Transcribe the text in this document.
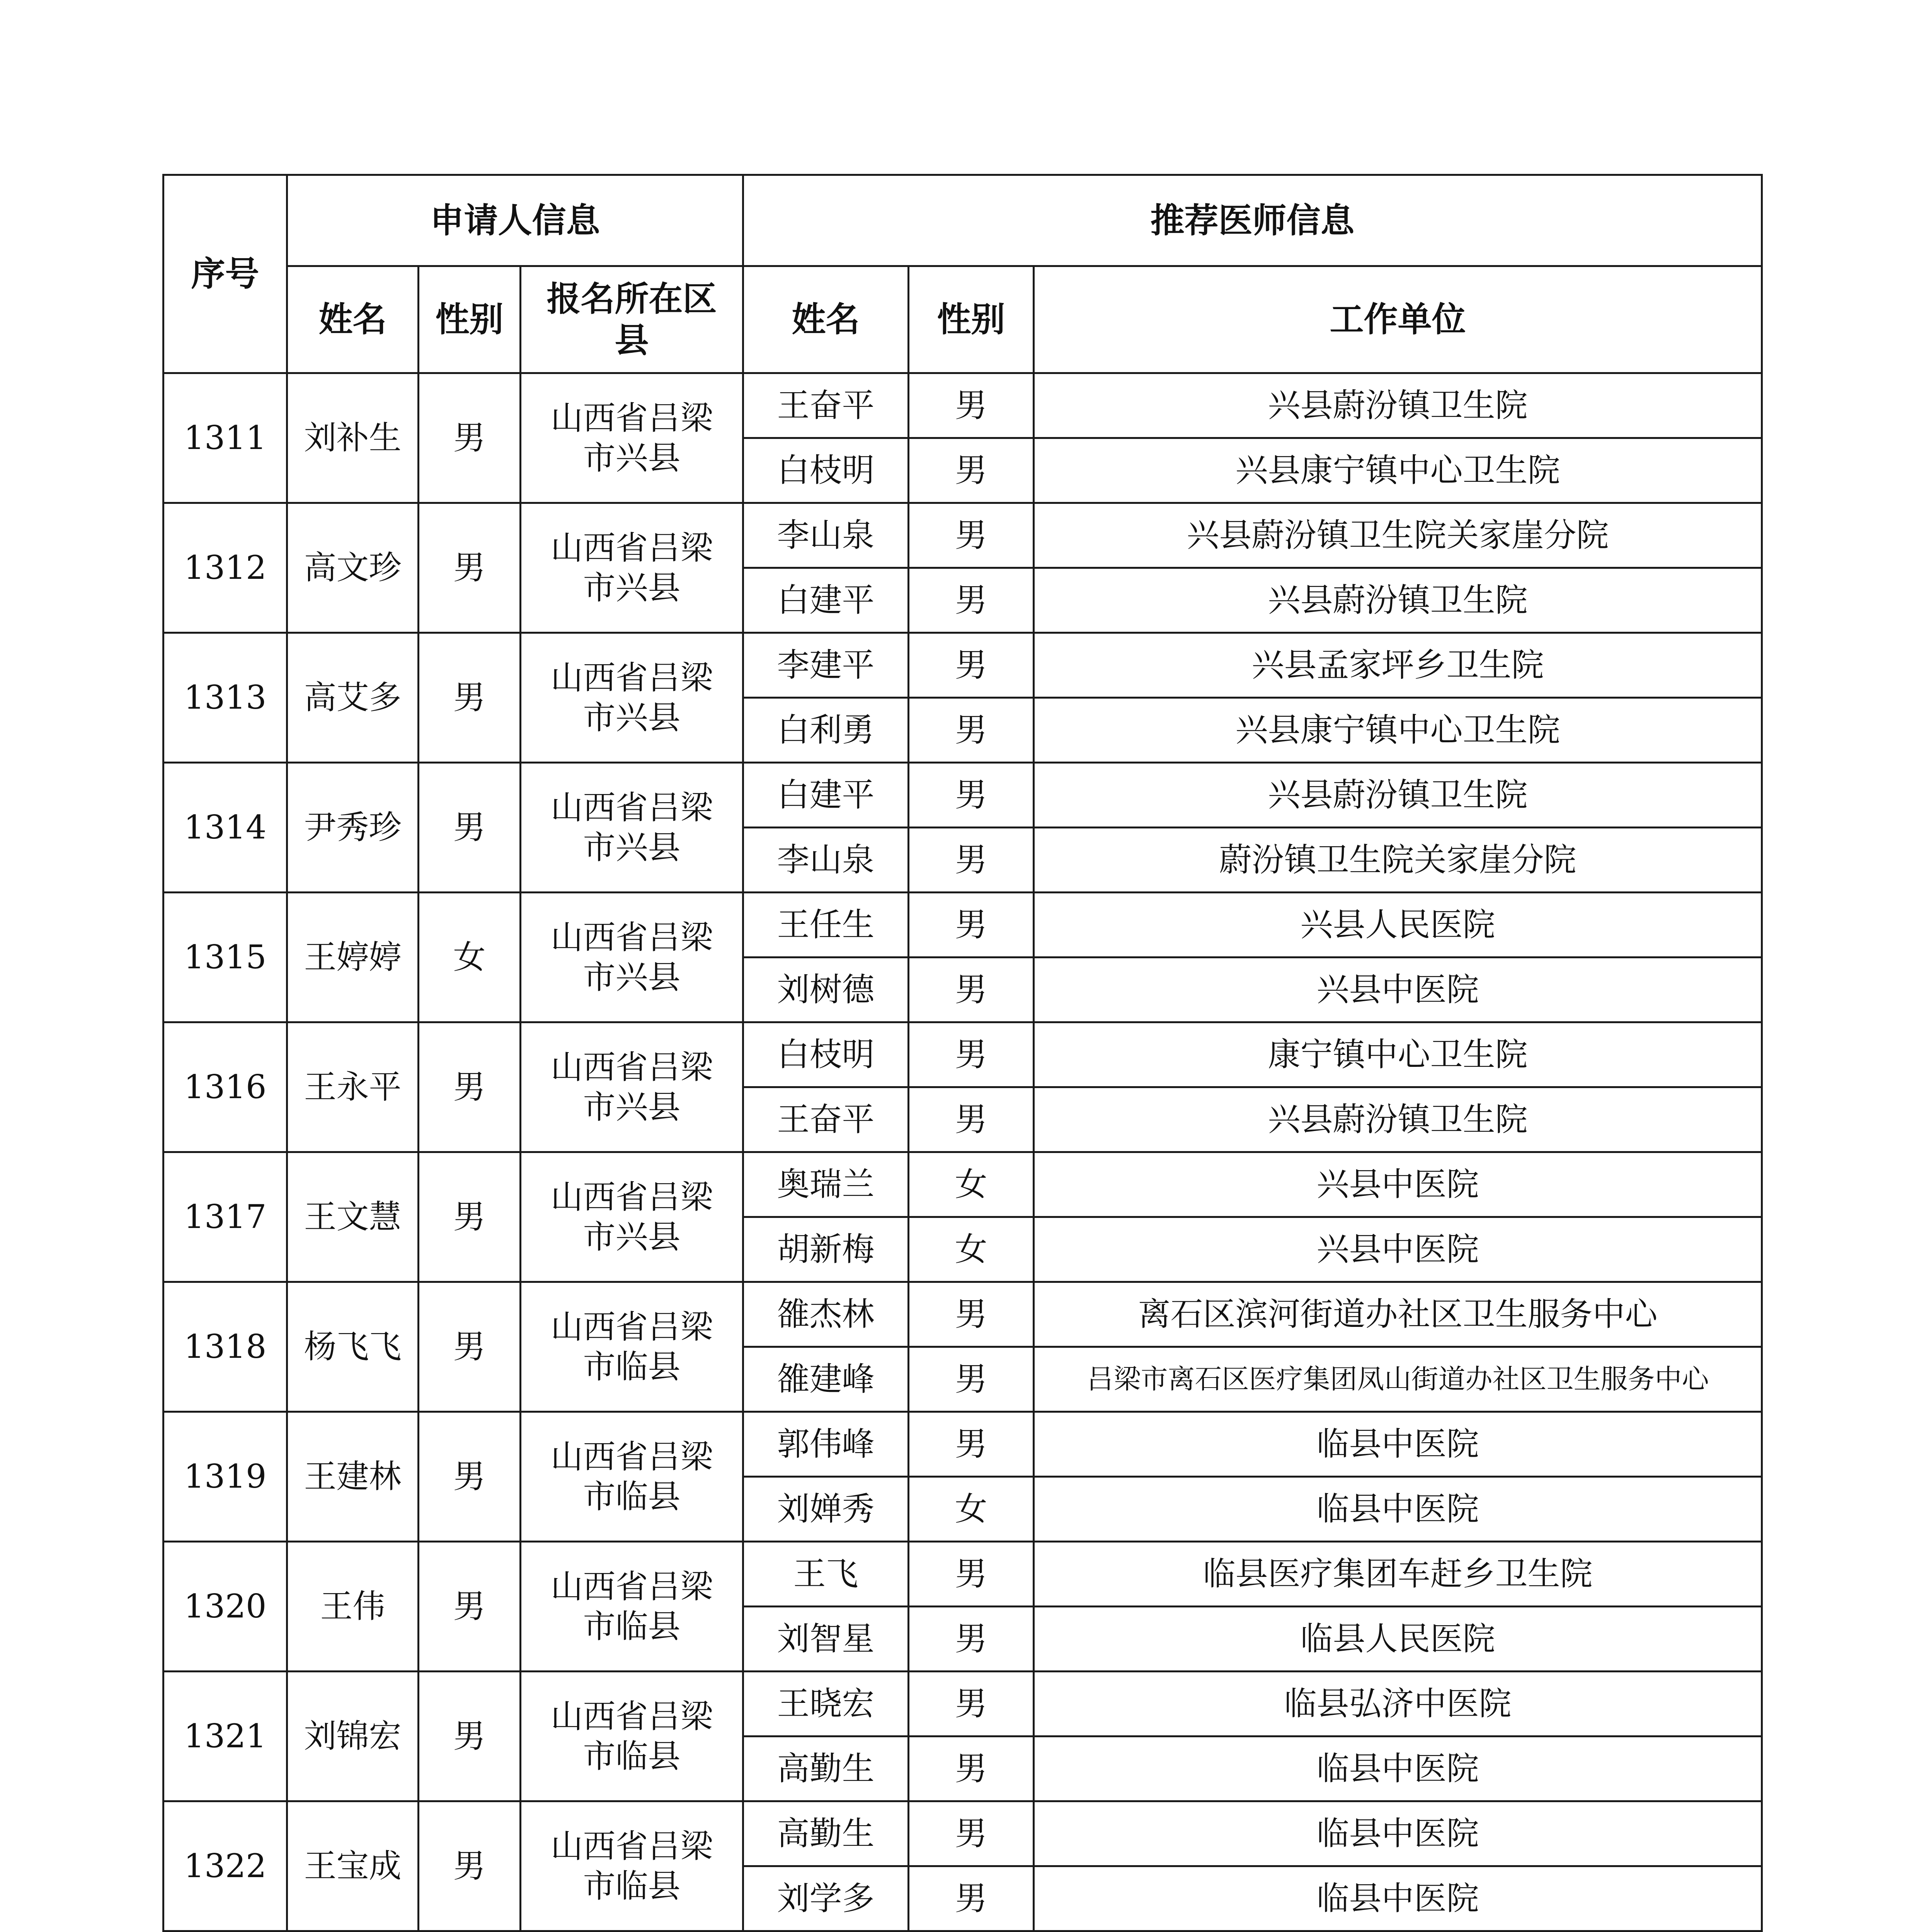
序号	申请人信息			推荐医师信息		
	姓名	性别	报名所在区县	姓名	性别	工作单位
1311	刘补生	男	山西省吕梁市兴县	王奋平	男	兴县蔚汾镇卫生院
				白枝明	男	兴县康宁镇中心卫生院
1312	高文珍	男	山西省吕梁市兴县	李山泉	男	兴县蔚汾镇卫生院关家崖分院
				白建平	男	兴县蔚汾镇卫生院
1313	高艾多	男	山西省吕梁市兴县	李建平	男	兴县孟家坪乡卫生院
				白利勇	男	兴县康宁镇中心卫生院
1314	尹秀珍	男	山西省吕梁市兴县	白建平	男	兴县蔚汾镇卫生院
				李山泉	男	蔚汾镇卫生院关家崖分院
1315	王婷婷	女	山西省吕梁市兴县	王任生	男	兴县人民医院
				刘树德	男	兴县中医院
1316	王永平	男	山西省吕梁市兴县	白枝明	男	康宁镇中心卫生院
				王奋平	男	兴县蔚汾镇卫生院
1317	王文慧	男	山西省吕梁市兴县	奥瑞兰	女	兴县中医院
				胡新梅	女	兴县中医院
1318	杨飞飞	男	山西省吕梁市临县	雒杰林	男	离石区滨河街道办社区卫生服务中心
				雒建峰	男	吕梁市离石区医疗集团凤山街道办社区卫生服务中心
1319	王建林	男	山西省吕梁市临县	郭伟峰	男	临县中医院
				刘婵秀	女	临县中医院
1320	王伟	男	山西省吕梁市临县	王飞	男	临县医疗集团车赶乡卫生院
				刘智星	男	临县人民医院
1321	刘锦宏	男	山西省吕梁市临县	王晓宏	男	临县弘济中医院
				高勤生	男	临县中医院
1322	王宝成	男	山西省吕梁市临县	高勤生	男	临县中医院
				刘学多	男	临县中医院
